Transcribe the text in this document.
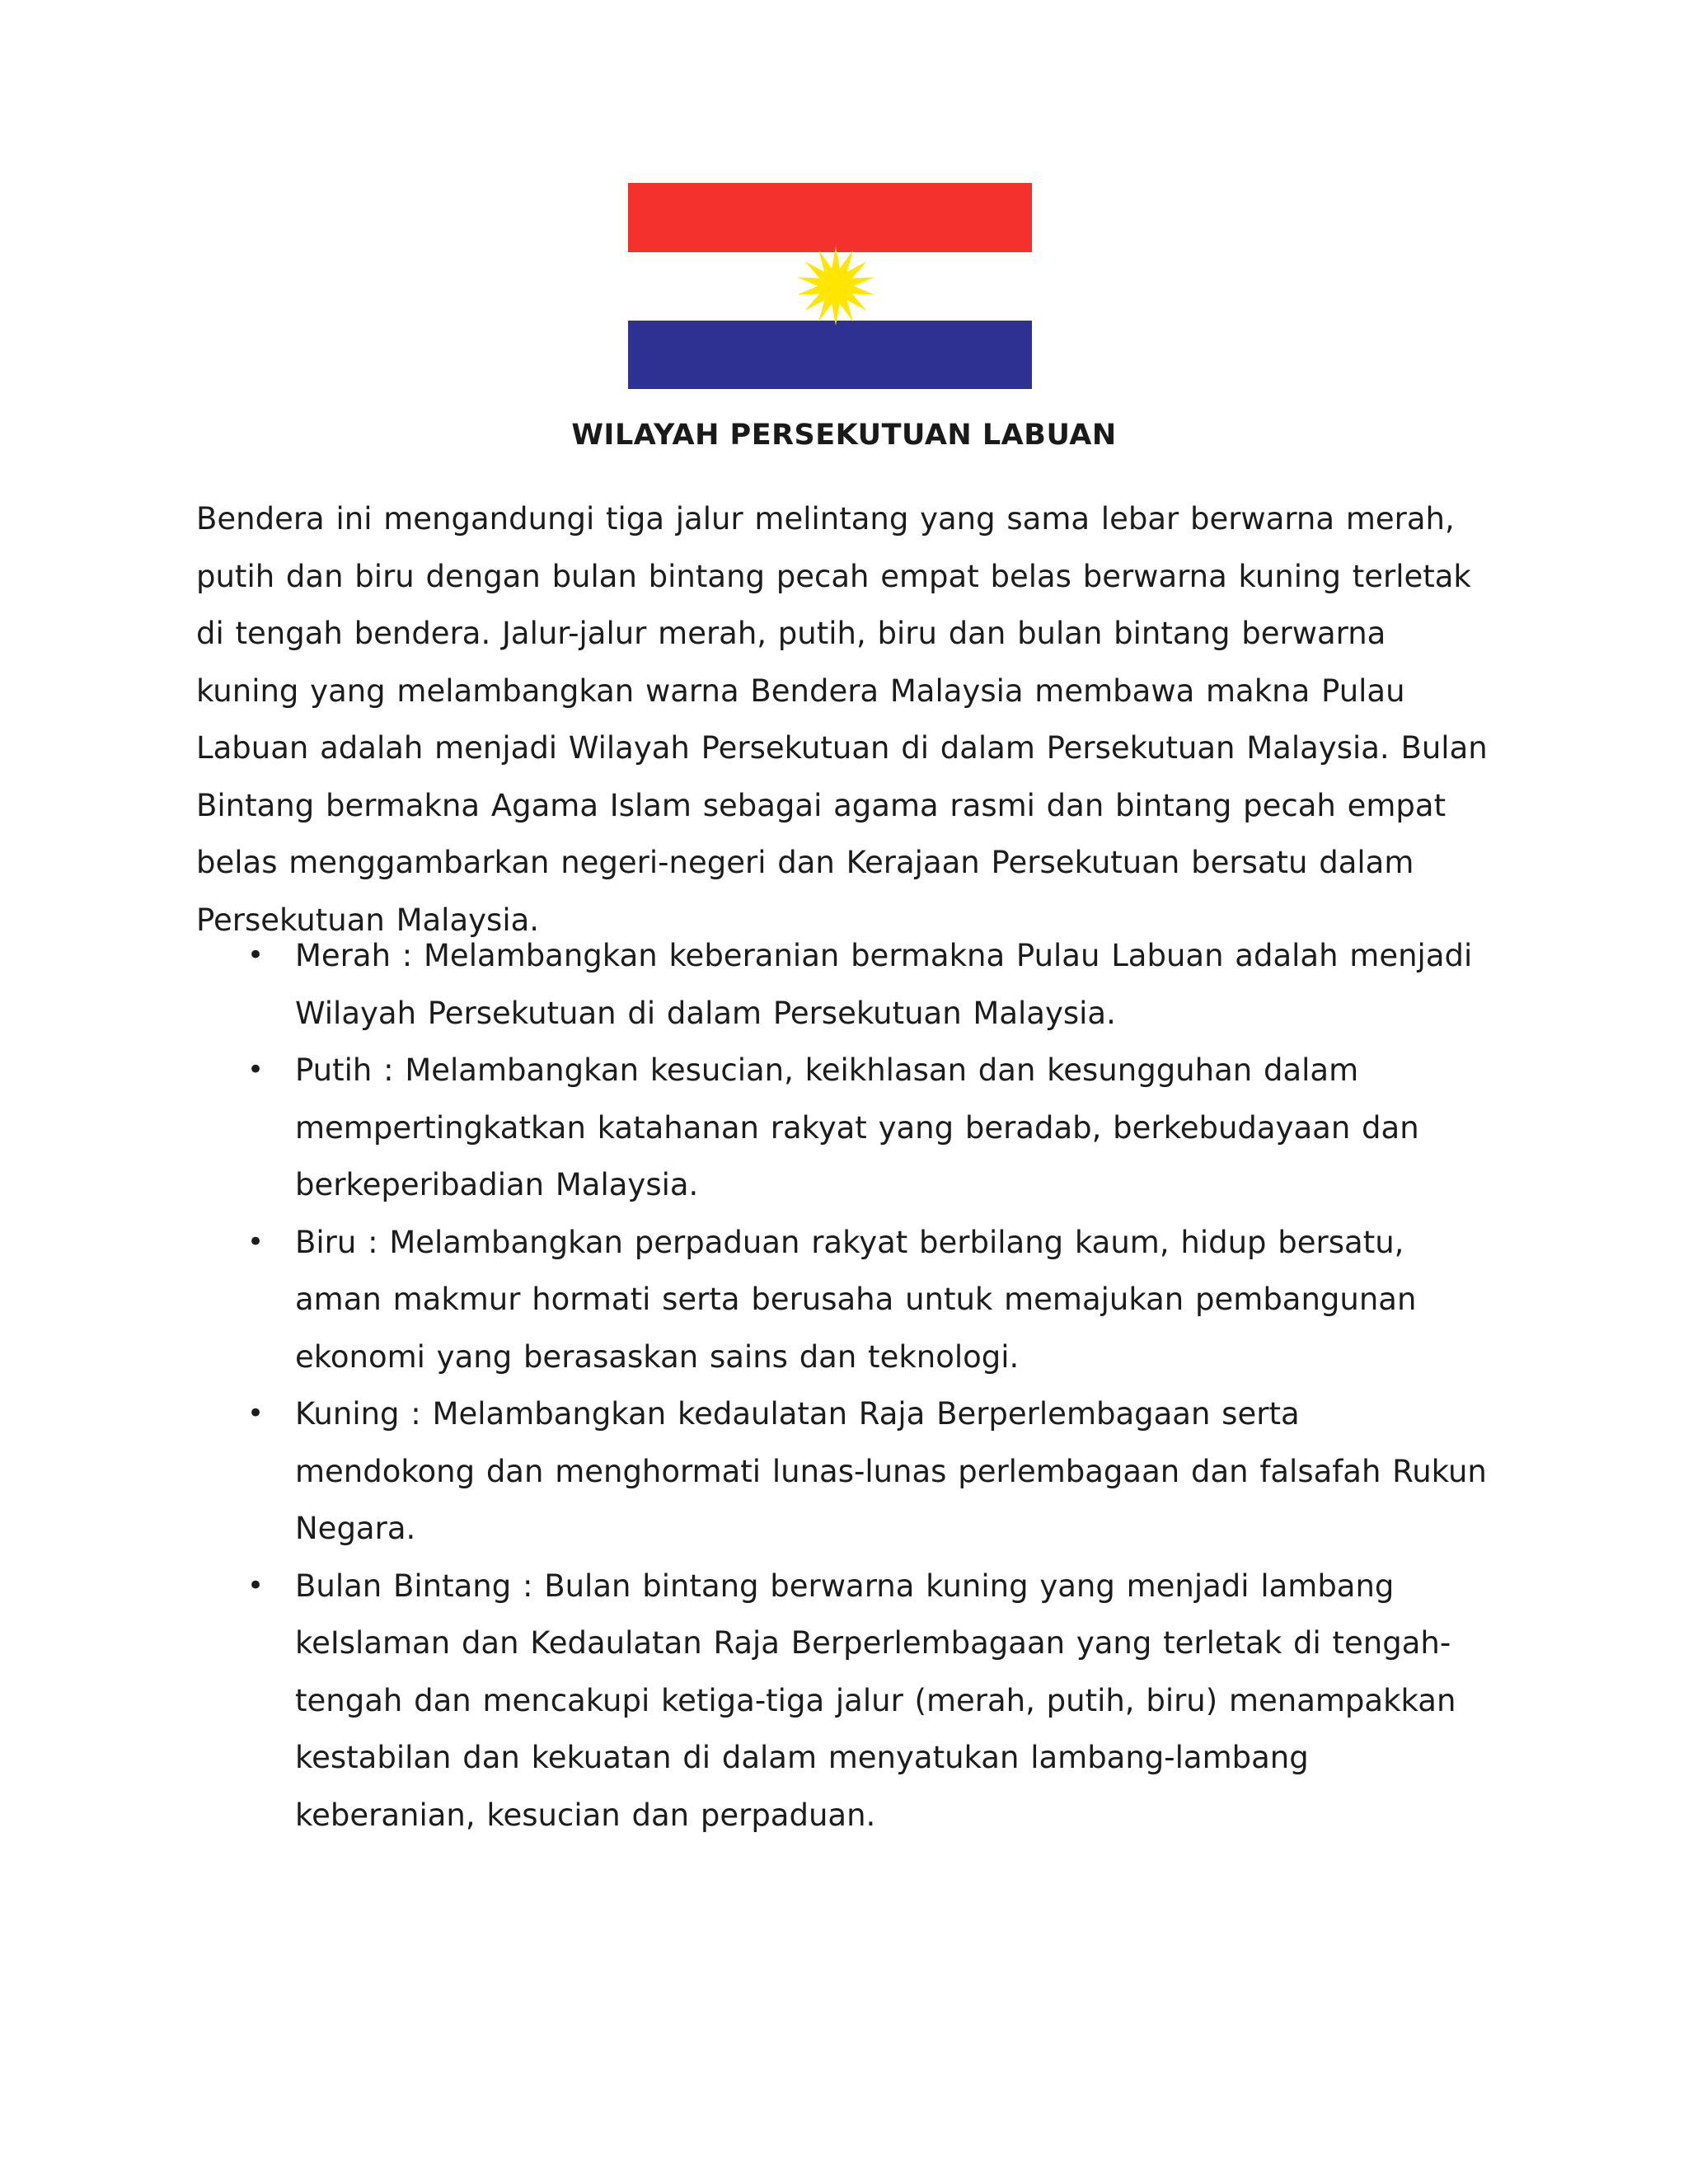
WILAYAH PERSEKUTUAN LABUAN

Bendera ini mengandungi tiga jalur melintang yang sama lebar berwarna merah, putih dan biru dengan bulan bintang pecah empat belas berwarna kuning terletak di tengah bendera. Jalur-jalur merah, putih, biru dan bulan bintang berwarna kuning yang melambangkan warna Bendera Malaysia membawa makna Pulau Labuan adalah menjadi Wilayah Persekutuan di dalam Persekutuan Malaysia. Bulan Bintang bermakna Agama Islam sebagai agama rasmi dan bintang pecah empat belas menggambarkan negeri-negeri dan Kerajaan Persekutuan bersatu dalam Persekutuan Malaysia.

• Merah : Melambangkan keberanian bermakna Pulau Labuan adalah menjadi Wilayah Persekutuan di dalam Persekutuan Malaysia.
• Putih : Melambangkan kesucian, keikhlasan dan kesungguhan dalam mempertingkatkan katahanan rakyat yang beradab, berkebudayaan dan berkeperibadian Malaysia.
• Biru : Melambangkan perpaduan rakyat berbilang kaum, hidup bersatu, aman makmur hormati serta berusaha untuk memajukan pembangunan ekonomi yang berasaskan sains dan teknologi.
• Kuning : Melambangkan kedaulatan Raja Berperlembagaan serta mendokong dan menghormati lunas-lunas perlembagaan dan falsafah Rukun Negara.
• Bulan Bintang : Bulan bintang berwarna kuning yang menjadi lambang keIslaman dan Kedaulatan Raja Berperlembagaan yang terletak di tengah-tengah dan mencakupi ketiga-tiga jalur (merah, putih, biru) menampakkan kestabilan dan kekuatan di dalam menyatukan lambang-lambang keberanian, kesucian dan perpaduan.
